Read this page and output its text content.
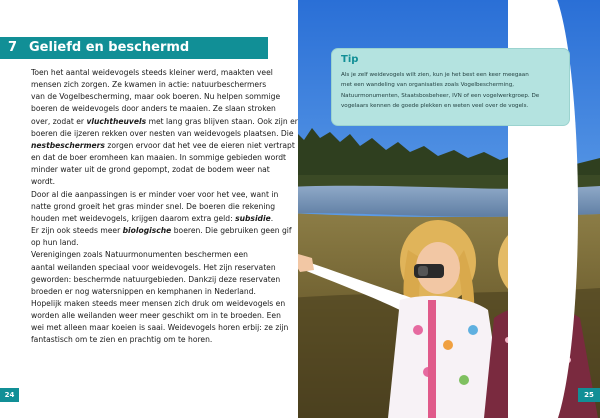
7 Geliefd en beschermd

Toen het aantal weidevogels steeds kleiner werd, maakten veel

mensen zich zorgen. Ze kwamen in actie: natuurbeschermers

van de Vogelbescherming, maar ook boeren. Nu helpen sommige

boeren de weidevogels door anders te maaien. Ze slaan stroken

over, zodat er vluchtheuvels met lang gras blijven staan. Ook zijn er

boeren die ijzeren rekken over nesten van weidevogels plaatsen. Die

nestbeschermers zorgen ervoor dat het vee de eieren niet vertrapt

en dat de boer eromheen kan maaien. In sommige gebieden wordt

minder water uit de grond gepompt, zodat de bodem weer nat

wordt.

Door al die aanpassingen is er minder voer voor het vee, want in

natte grond groeit het gras minder snel. De boeren die rekening

houden met weidevogels, krijgen daarom extra geld: subsidie.

Er zijn ook steeds meer biologische boeren. Die gebruiken geen gif

op hun land.

Verenigingen zoals Natuurmonumenten beschermen een

aantal weilanden speciaal voor weidevogels. Het zijn reservaten

geworden: beschermde natuurgebieden. Dankzij deze reservaten

broeden er nog watersnippen en kemphanen in Nederland.

Hopelijk maken steeds meer mensen zich druk om weidevogels en

worden alle weilanden weer meer geschikt om in te broeden. Een

wei met alleen maar koeien is saai. Weidevogels horen erbij: ze zijn

fantastisch om te zien en prachtig om te horen.

24
Tip

Als je zelf weidevogels wilt zien, kun je het best een keer meegaan

met een wandeling van organisaties zoals Vogelbescherming,

Natuurmonumenten, Staatsbosbeheer, IVN of een vogelwerkgroep. De

vogelaars kennen de goede plekken en weten veel over de vogels.

25
